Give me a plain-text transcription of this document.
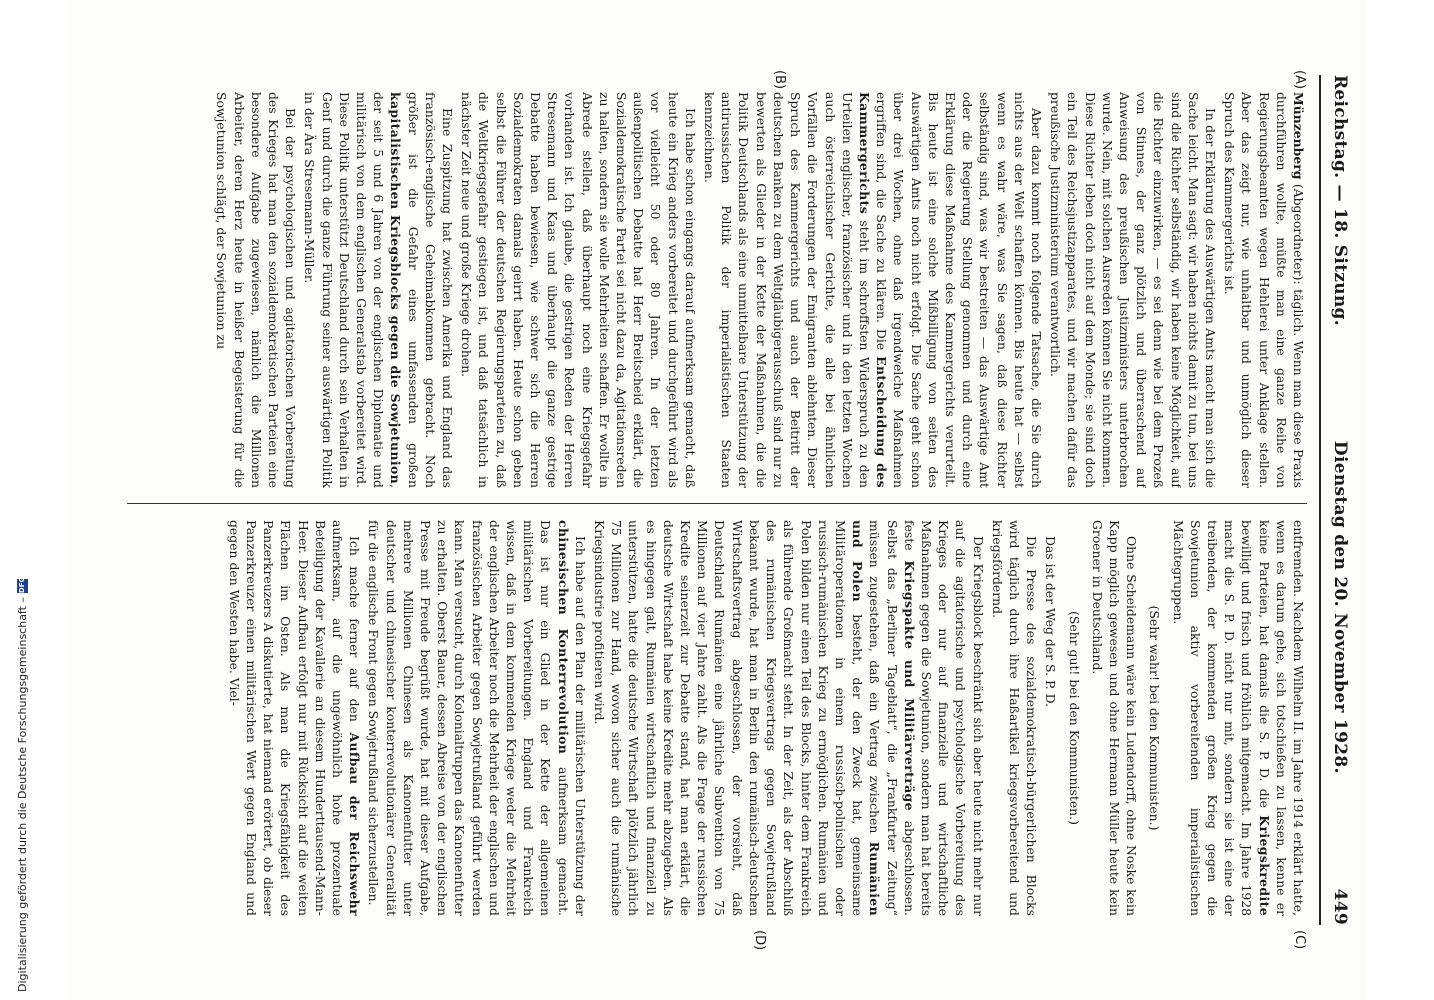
Digitalisierung gefördert durch die Deutsche Forschungsgemeinschaft –
DFG
Reichstag. — 18. Sitzung.
Dienstag den 20. November 1928.
449
(A)
(B)
(C)
(D)

Münzenberg (Abgeordneter): täglich. Wenn man diese Praxis durchführen wollte, müßte man eine ganze Reihe von Regierungsbeamten wegen Hehlerei unter Anklage stellen. Aber das zeigt nur, wie unhaltbar und unmöglich dieser Spruch des Kammergerichts ist.

In der Erklärung des Auswärtigen Amts macht man sich die Sache leicht. Man sagt: wir haben nichts damit zu tun, bei uns sind die Richter selbständig, wir haben keine Möglichkeit, auf die Richter einzuwirken, — es sei denn wie bei dem Prozeß von Stinnes, der ganz plötzlich und überraschend auf Anweisung des preußischen Justizministers unterbrochen wurde. Nein, mit solchen Ausreden können Sie nicht kommen. Diese Richter leben doch nicht auf dem Monde; sie sind doch ein Teil des Reichsjustizapparates, und wir machen dafür das preußische Justizministerium verantwortlich.

Aber dazu kommt noch folgende Tatsache, die Sie durch nichts aus der Welt schaffen können. Bis heute hat — selbst wenn es wahr wäre, was Sie sagen, daß diese Richter selbständig sind, was wir bestreiten — das Auswärtige Amt oder die Regierung Stellung genommen und durch eine Erklärung diese Maßnahme des Kammergerichts verurteilt. Bis heute ist eine solche Mißbilligung von seiten des Auswärtigen Amts noch nicht erfolgt. Die Sache geht schon über drei Wochen, ohne daß irgendwelche Maßnahmen ergriffen sind, die Sache zu klären. Die Entscheidung des Kammergerichts steht im schroffsten Widerspruch zu den Urteilen englischer, französischer und in den letzten Wochen auch österreichischer Gerichte, die alle bei ähnlichen Vorfällen die Forderungen der Emigranten ablehnten. Dieser Spruch des Kammergerichts und auch der Beitritt der deutschen Banken zu dem Weltgläubigerausschuß sind nur zu bewerten als Glieder in der Kette der Maßnahmen, die die Politik Deutschlands als eine unmittelbare Unterstützung der antirussischen Politik der imperialistischen Staaten kennzeichnen.

Ich habe schon eingangs darauf aufmerksam gemacht, daß heute ein Krieg anders vorbereitet und durchgeführt wird als vor vielleicht 50 oder 80 Jahren. In der letzten außenpolitischen Debatte hat Herr Breitscheid erklärt, die Sozialdemokratische Partei sei nicht dazu da, Agitationsreden zu halten, sondern sie wolle Mehrheiten schaffen. Er wollte in Abrede stellen, daß überhaupt noch eine Kriegsgefahr vorhanden ist. Ich glaube, die gestrigen Reden der Herren Stresemann und Kaas und überhaupt die ganze gestrige Debatte haben bewiesen, wie schwer sich die Herren Sozialdemokraten damals geirrt haben. Heute schon geben selbst die Führer der deutschen Regierungsparteien zu, daß die Weltkriegsgefahr gestiegen ist, und daß tatsächlich in nächster Zeit neue und große Kriege drohen.

Eine Zuspitzung hat zwischen Amerika und England das französisch-englische Geheimabkommen gebracht. Noch größer ist die Gefahr eines umfassenden großen kapitalistischen Kriegsblocks gegen die Sowjetunion, der seit 5 und 6 Jahren von der englischen Diplomatie und militärisch von dem englischen Generalstab vorbereitet wird. Diese Politik unterstützt Deutschland durch sein Verhalten in Genf und durch die ganze Führung seiner auswärtigen Politik in der Ära Stresemann-Müller.

Bei der psychologischen und agitatorischen Vorbereitung des Krieges hat man den sozialdemokratischen Parteien eine besondere Aufgabe zugewiesen, nämlich die Millionen Arbeiter, deren Herz heute in heißer Begeisterung für die Sowjetunion schlägt, der Sowjetunion zu

entfremden. Nachdem Wilhelm II. im Jahre 1914 erklärt hatte, wenn es darum gehe, sich totschießen zu lassen, kenne er keine Parteien, hat damals die S. P. D. die Kriegskredite bewilligt und frisch und fröhlich mitgemacht. Im Jahre 1928 macht die S. P. D. nicht nur mit, sondern sie ist eine der treibenden, der kommenden großen Krieg gegen die Sowjetunion aktiv vorbereitenden imperialistischen Mächtegruppen.

(Sehr wahr! bei den Kommunisten.)

Ohne Scheidemann wäre kein Ludendorff, ohne Noske kein Kapp möglich gewesen und ohne Hermann Müller heute kein Groener in Deutschland.

(Sehr gut! bei den Kommunisten.)

Das ist der Weg der S. P. D.

Die Presse des sozialdemokratisch-bürgerlichen Blocks wird täglich durch ihre Haßartikel kriegsvorbereitend und kriegsfördernd.

Der Kriegsblock beschränkt sich aber heute nicht mehr nur auf die agitatorische und psychologische Vorbereitung des Krieges oder nur auf finanzielle und wirtschaftliche Maßnahmen gegen die Sowjetunion, sondern man hat bereits feste Kriegspakte und Militärverträge abgeschlossen. Selbst das „Berliner Tageblatt“, die „Frankfurter Zeitung“ müssen zugestehen, daß ein Vertrag zwischen Rumänien und Polen besteht, der den Zweck hat, gemeinsame Militäroperationen in einem russisch-polnischen oder russisch-rumänischen Krieg zu ermöglichen. Rumänien und Polen bilden nur einen Teil des Blocks, hinter dem Frankreich als führende Großmacht steht. In der Zeit, als der Abschluß des rumänischen Kriegsvertrags gegen Sowjetrußland bekannt wurde, hat man in Berlin den rumänisch-deutschen Wirtschaftsvertrag abgeschlossen, der vorsieht, daß Deutschland Rumänien eine jährliche Subvention von 75 Millionen auf vier Jahre zahlt. Als die Frage der russischen Kredite seinerzeit zur Debatte stand, hat man erklärt, die deutsche Wirtschaft habe keine Kredite mehr abzugeben. Als es hingegen galt, Rumänien wirtschaftlich und finanziell zu unterstützen, hatte die deutsche Wirtschaft plötzlich jährlich 75 Millionen zur Hand, wovon sicher auch die rumänische Kriegsindustrie profitieren wird.

Ich habe auf den Plan der militärischen Unterstützung der chinesischen Konterrevolution aufmerksam gemacht. Das ist nur ein Glied in der Kette der allgemeinen militärischen Vorbereitungen. England und Frankreich wissen, daß in dem kommenden Kriege weder die Mehrheit der englischen Arbeiter noch die Mehrheit der englischen und französischen Arbeiter gegen Sowjetrußland geführt werden kann. Man versucht, durch Kolonialtruppen das Kanonenfutter zu erhalten. Oberst Bauer, dessen Abreise von der englischen Presse mit Freude begrüßt wurde, hat mit dieser Aufgabe, mehrere Millionen Chinesen als Kanonenfutter unter deutscher und chinesischer konterrevolutionärer Generalität für die englische Front gegen Sowjetrußland sicherzustellen.

Ich mache ferner auf den Aufbau der Reichswehr aufmerksam, auf die ungewöhnlich hohe prozentuale Beteiligung der Kavallerie an diesem Hunderttausend-Mann-Heer. Dieser Aufbau erfolgt nur mit Rücksicht auf die weiten Flächen im Osten. Als man die Kriegsfähigkeit des Panzerkreuzers A diskutierte, hat niemand erörtert, ob dieser Panzerkreuzer einen militärischen Wert gegen England und gegen den Westen habe. Viel-
